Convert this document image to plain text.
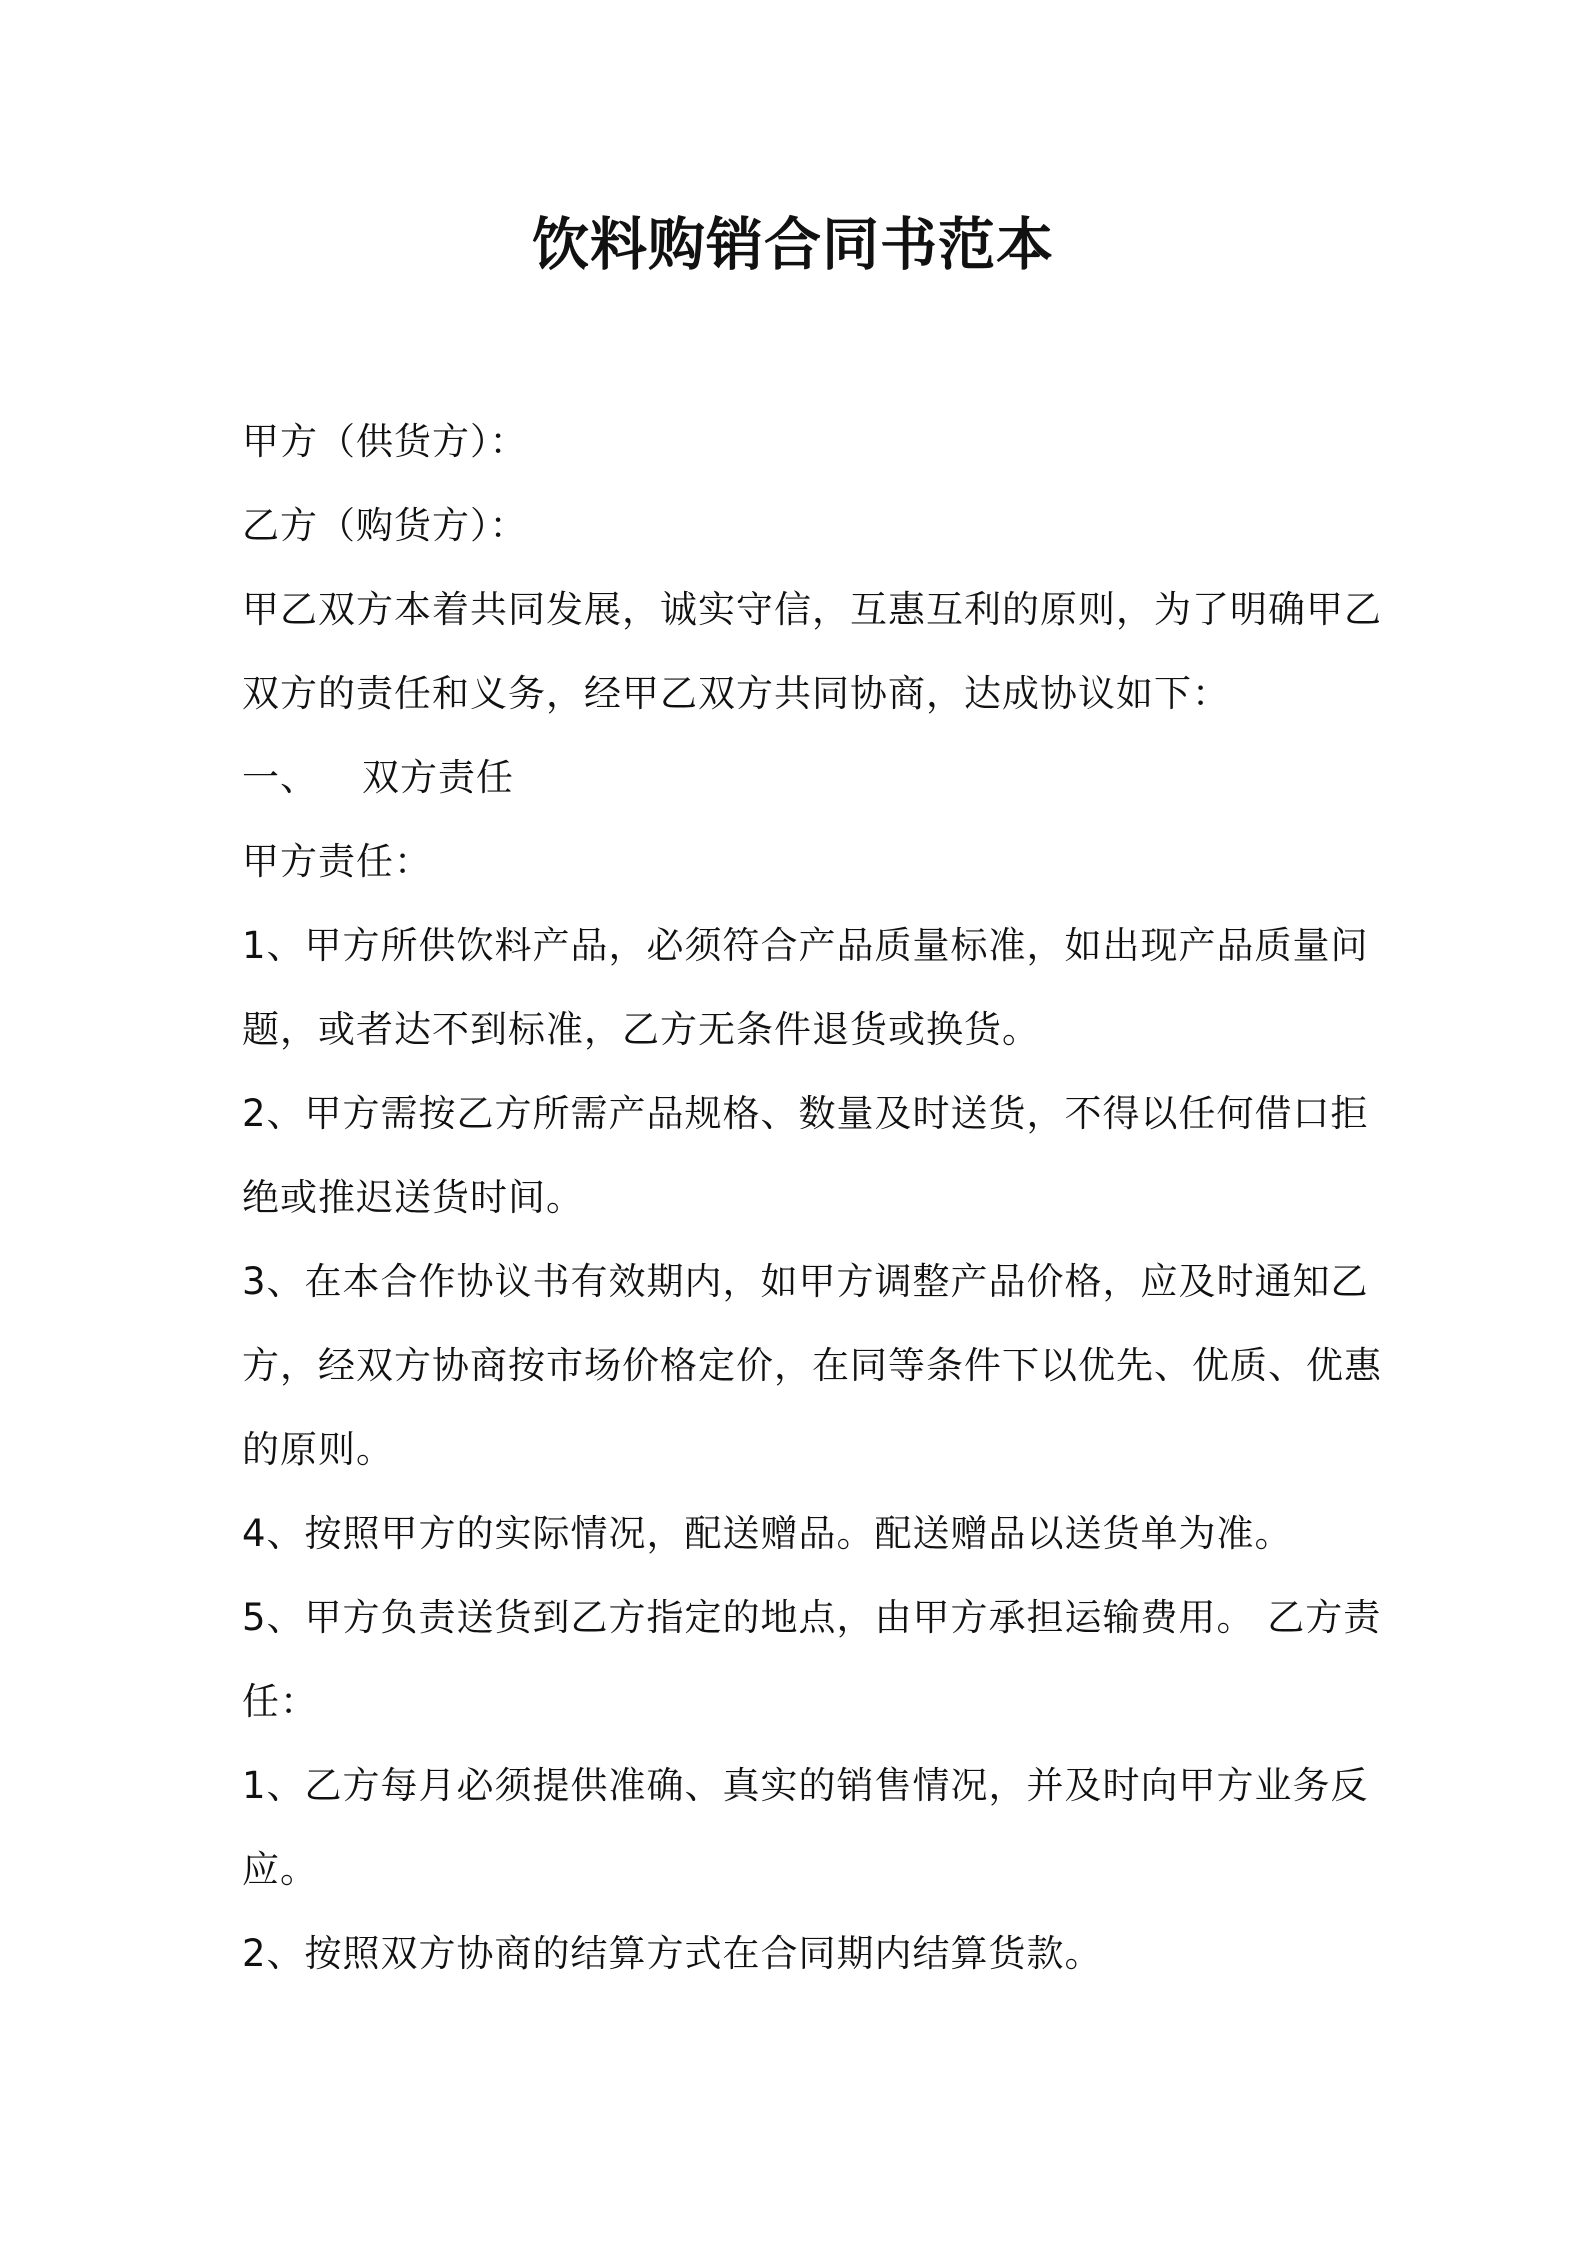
饮料购销合同书范本
甲方（供货方）：
乙方（购货方）：
甲乙双方本着共同发展，诚实守信，互惠互利的原则，为了明确甲乙
双方的责任和义务，经甲乙双方共同协商，达成协议如下：
一、 双方责任
甲方责任：
1、甲方所供饮料产品，必须符合产品质量标准，如出现产品质量问
题，或者达不到标准，乙方无条件退货或换货。
2、甲方需按乙方所需产品规格、数量及时送货，不得以任何借口拒
绝或推迟送货时间。
3、在本合作协议书有效期内，如甲方调整产品价格，应及时通知乙
方，经双方协商按市场价格定价，在同等条件下以优先、优质、优惠
的原则。
4、按照甲方的实际情况，配送赠品。配送赠品以送货单为准。
5、甲方负责送货到乙方指定的地点，由甲方承担运输费用。 乙方责
任：
1、乙方每月必须提供准确、真实的销售情况，并及时向甲方业务反
应。
2、按照双方协商的结算方式在合同期内结算货款。
